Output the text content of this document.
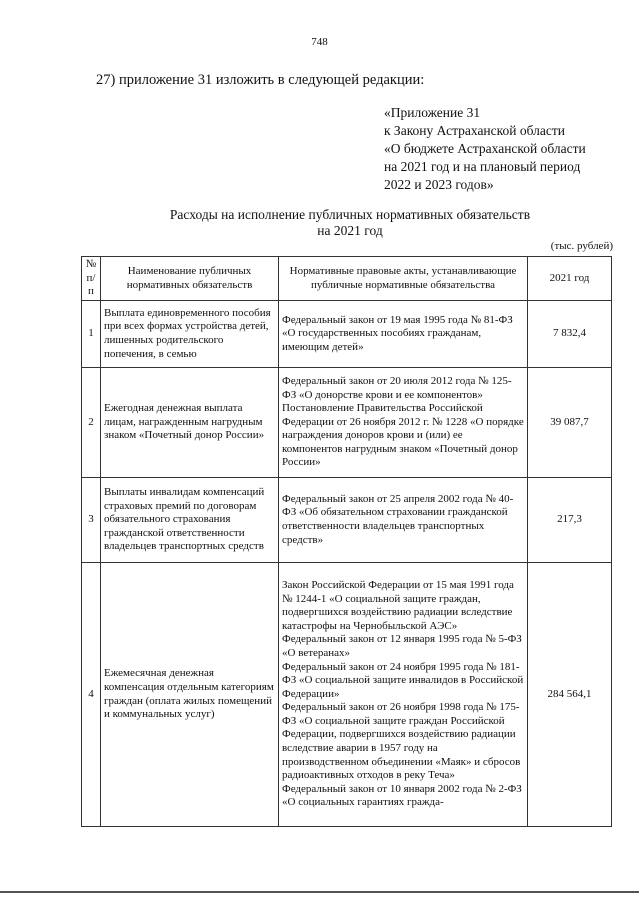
748
27) приложение 31 изложить в следующей редакции:
«Приложение 31
к Закону Астраханской области
«О бюджете Астраханской области
на 2021 год и на плановый период
2022 и 2023 годов»
Расходы на исполнение публичных нормативных обязательств
на 2021 год
(тыс. рублей)
№ п/п	Наименование публичных нормативных обязательств	Нормативные правовые акты, устанавливающие публичные нормативные обязательства	2021 год
1	Выплата единовременного пособия при всех формах устройства детей, лишенных родительского попечения, в семью	Федеральный закон от 19 мая 1995 года № 81-ФЗ «О государственных пособиях гражданам, имеющим детей»	7 832,4
2	Ежегодная денежная выплата лицам, награжденным нагрудным знаком «Почетный донор России»	Федеральный закон от 20 июля 2012 года № 125-ФЗ «О донорстве крови и ее компонентов»
Постановление Правительства Российской Федерации от 26 ноября 2012 г. № 1228 «О порядке награждения доноров крови и (или) ее компонентов нагрудным знаком «Почетный донор России»	39 087,7
3	Выплаты инвалидам компенсаций страховых премий по договорам обязательного страхования гражданской ответственности владельцев транспортных средств	Федеральный закон от 25 апреля 2002 года № 40-ФЗ «Об обязательном страховании гражданской ответственности владельцев транспортных средств»	217,3
4	Ежемесячная денежная компенсация отдельным категориям граждан (оплата жилых помещений и коммунальных услуг)	Закон Российской Федерации от 15 мая 1991 года № 1244-1 «О социальной защите граждан, подвергшихся воздействию радиации вследствие катастрофы на Чернобыльской АЭС»
Федеральный закон от 12 января 1995 года № 5-ФЗ «О ветеранах»
Федеральный закон от 24 ноября 1995 года № 181-ФЗ «О социальной защите инвалидов в Российской Федерации»
Федеральный закон от 26 ноября 1998 года № 175-ФЗ «О социальной защите граждан Российской Федерации, подвергшихся воздействию радиации вследствие аварии в 1957 году на производственном объединении «Маяк» и сбросов радиоактивных отходов в реку Теча»
Федеральный закон от 10 января 2002 года № 2-ФЗ «О социальных гарантиях гражда-	284 564,1
